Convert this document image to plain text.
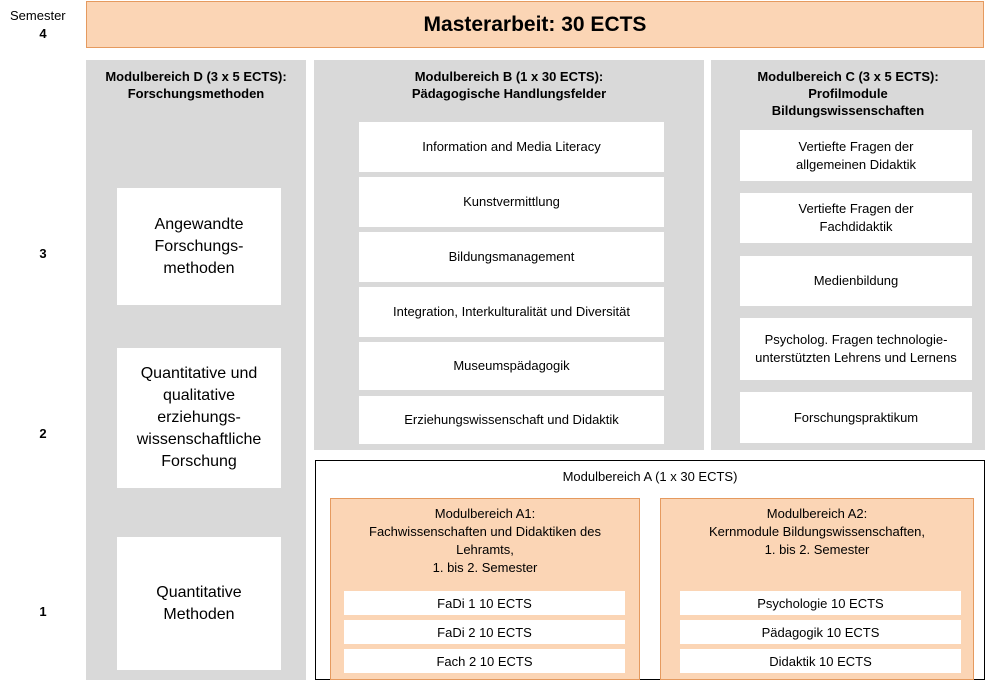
Semester
4
3
2
1
Masterarbeit: 30 ECTS
Modulbereich D (3 x 5 ECTS):
Forschungsmethoden
Angewandte Forschungs-methoden
Quantitative und qualitative erziehungs-wissenschaftliche Forschung
Quantitative Methoden
Modulbereich B (1 x 30 ECTS):
Pädagogische Handlungsfelder
Information and Media Literacy
Kunstvermittlung
Bildungsmanagement
Integration, Interkulturalität und Diversität
Museumspädagogik
Erziehungswissenschaft und Didaktik
Modulbereich C (3 x 5 ECTS):
Profilmodule
Bildungswissenschaften
Vertiefte Fragen der allgemeinen Didaktik
Vertiefte Fragen der Fachdidaktik
Medienbildung
Psycholog. Fragen technologie-unterstützten Lehrens und Lernens
Forschungspraktikum
Modulbereich A (1 x 30 ECTS)
Modulbereich A1:
Fachwissenschaften und Didaktiken des
Lehramts,
1. bis 2. Semester
FaDi 1 10 ECTS
FaDi 2 10 ECTS
Fach 2 10 ECTS
Modulbereich A2:
Kernmodule Bildungswissenschaften,
1. bis 2. Semester
Psychologie 10 ECTS
Pädagogik 10 ECTS
Didaktik 10 ECTS
